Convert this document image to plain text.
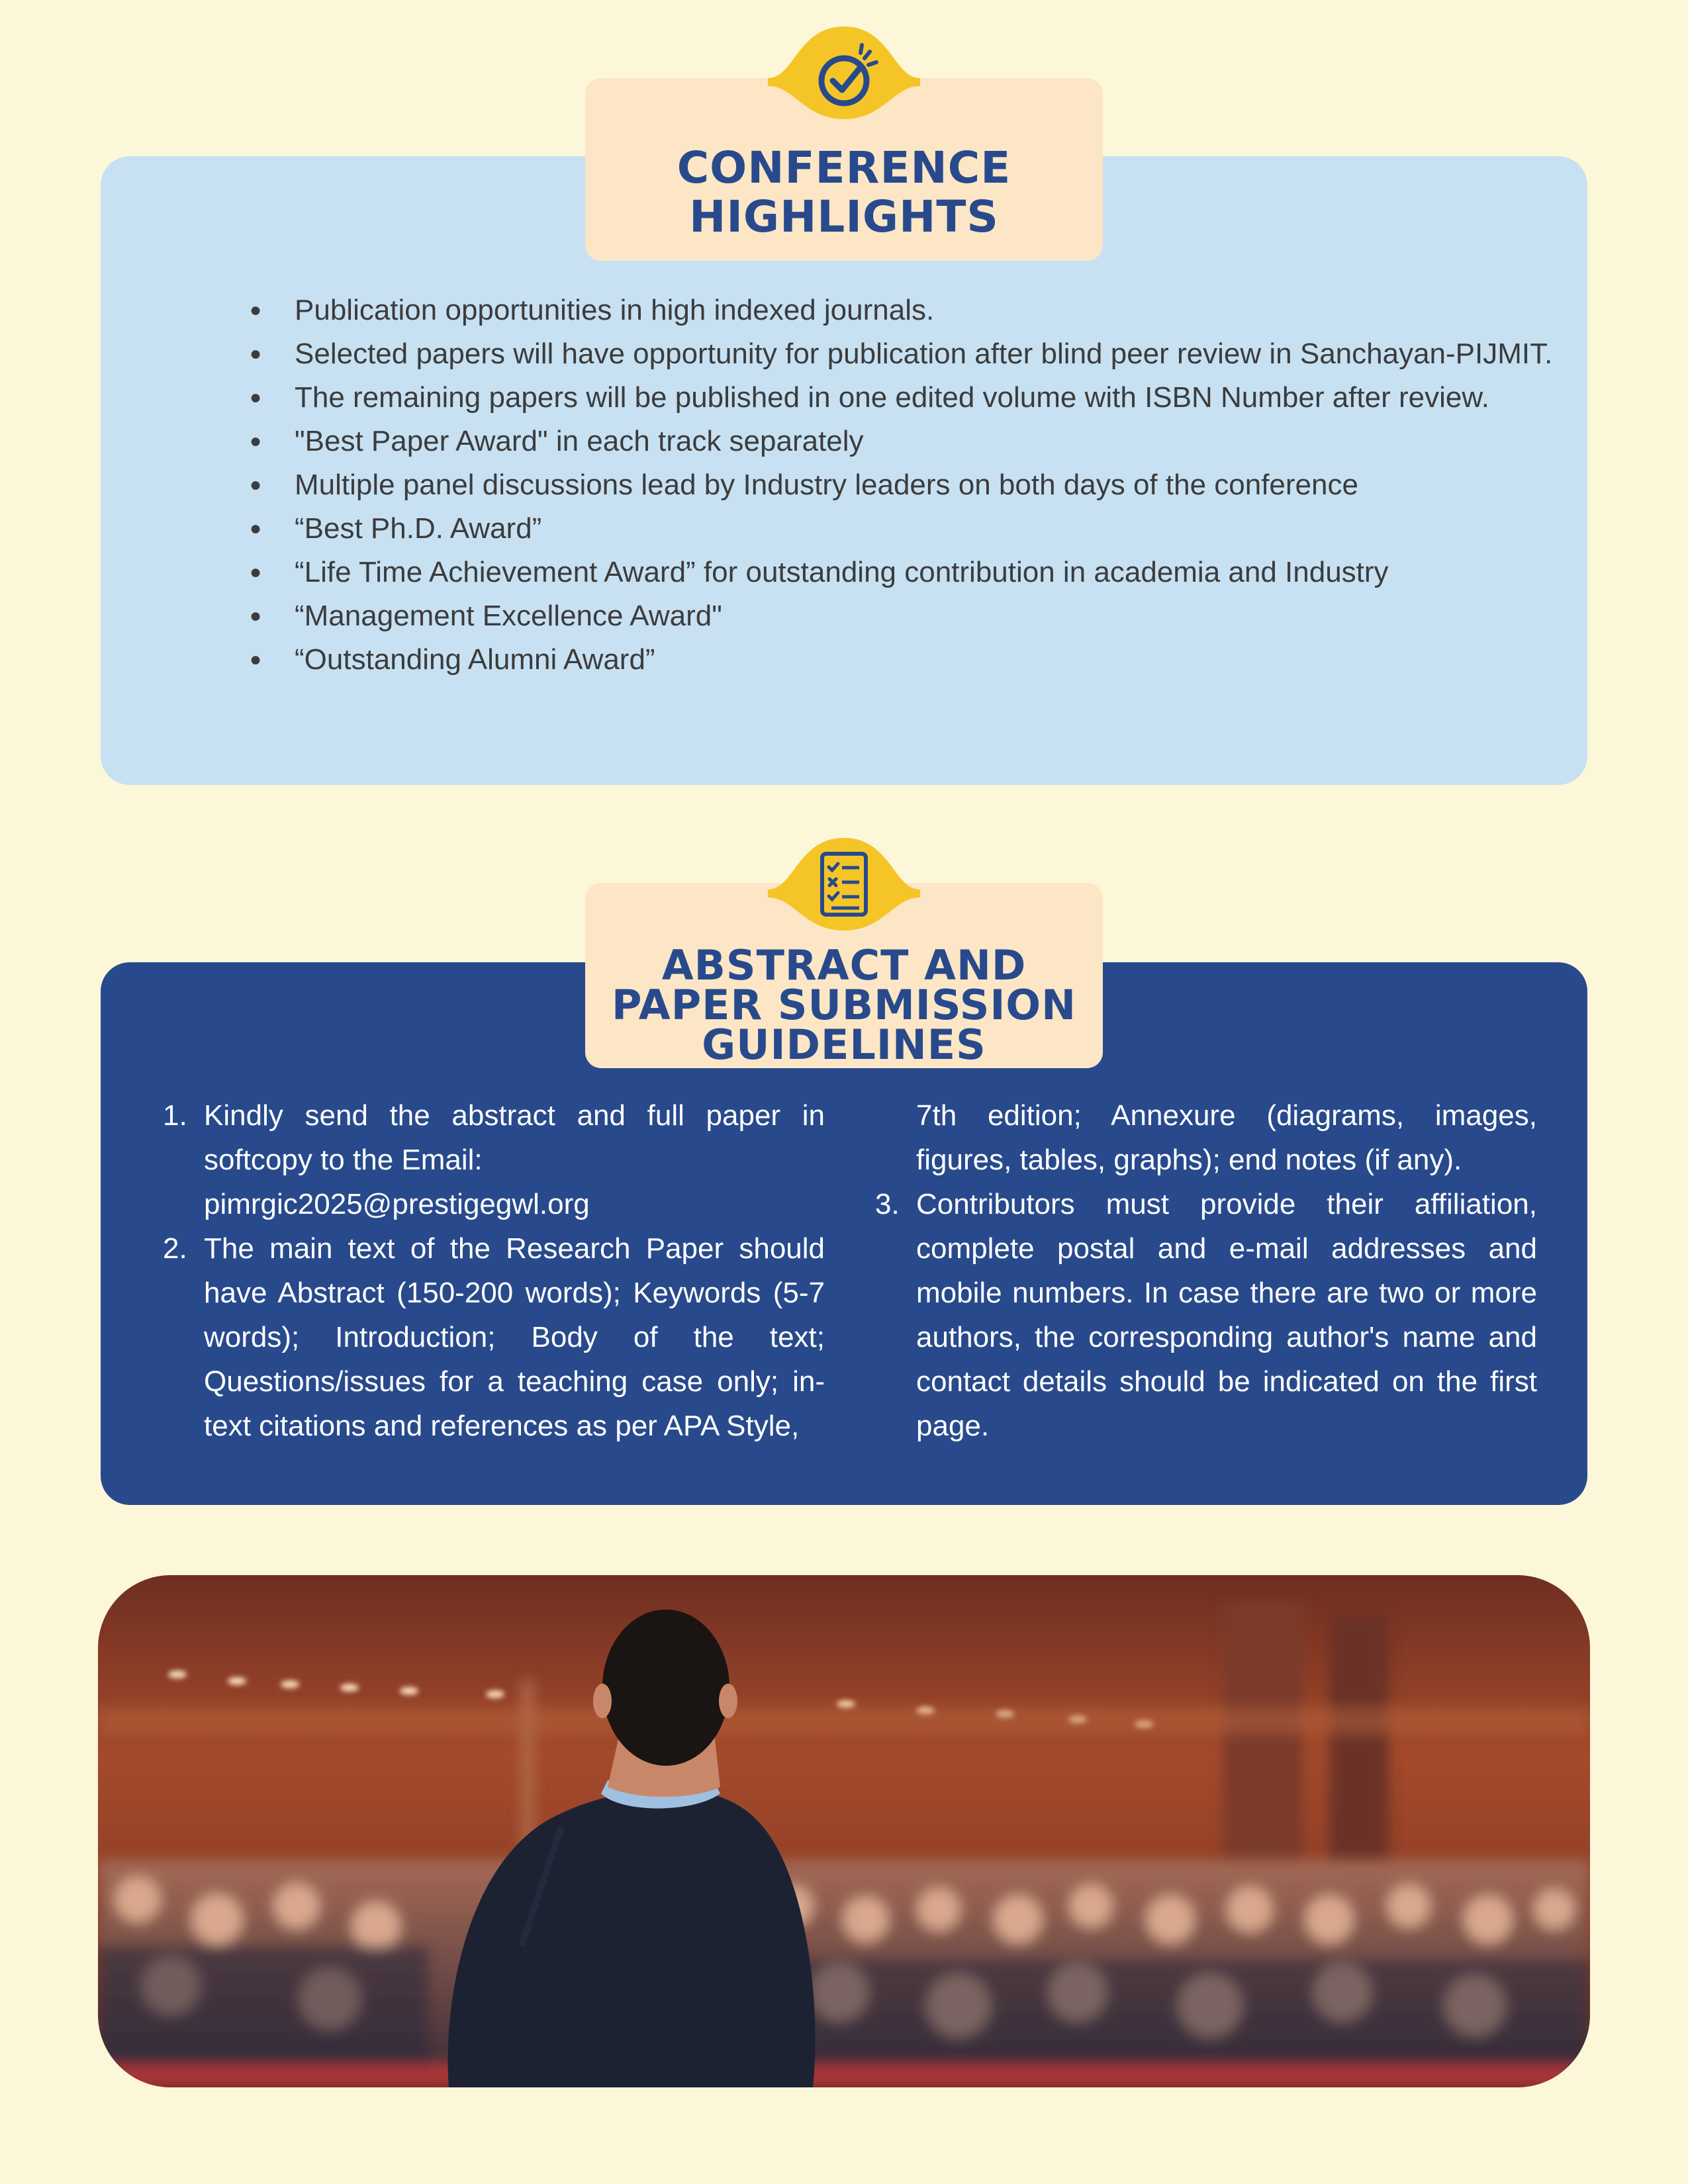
● Publication opportunities in high indexed journals.
● Selected papers will have opportunity for publication after blind peer review in Sanchayan-PIJMIT.
● The remaining papers will be published in one edited volume with ISBN Number after review.
● "Best Paper Award" in each track separately
● Multiple panel discussions lead by Industry leaders on both days of the conference
● “Best Ph.D. Award”
● “Life Time Achievement Award” for outstanding contribution in academia and Industry
● “Management Excellence Award"
● “Outstanding Alumni Award”
CONFERENCE
HIGHLIGHTS
1. Kindly send the abstract and full paper in softcopy to the Email:
pimrgic2025@prestigegwl.org
2. The main text of the Research Paper should have Abstract (150-200 words); Keywords (5-7 words); Introduction; Body of the text; Questions/issues for a teaching case only; in-text citations and references as per APA Style,
7th edition; Annexure (diagrams, images, figures, tables, graphs); end notes (if any).
3. Contributors must provide their affiliation, complete postal and e-mail addresses and mobile numbers. In case there are two or more authors, the corresponding author's name and contact details should be indicated on the first page.
ABSTRACT AND
PAPER SUBMISSION
GUIDELINES
